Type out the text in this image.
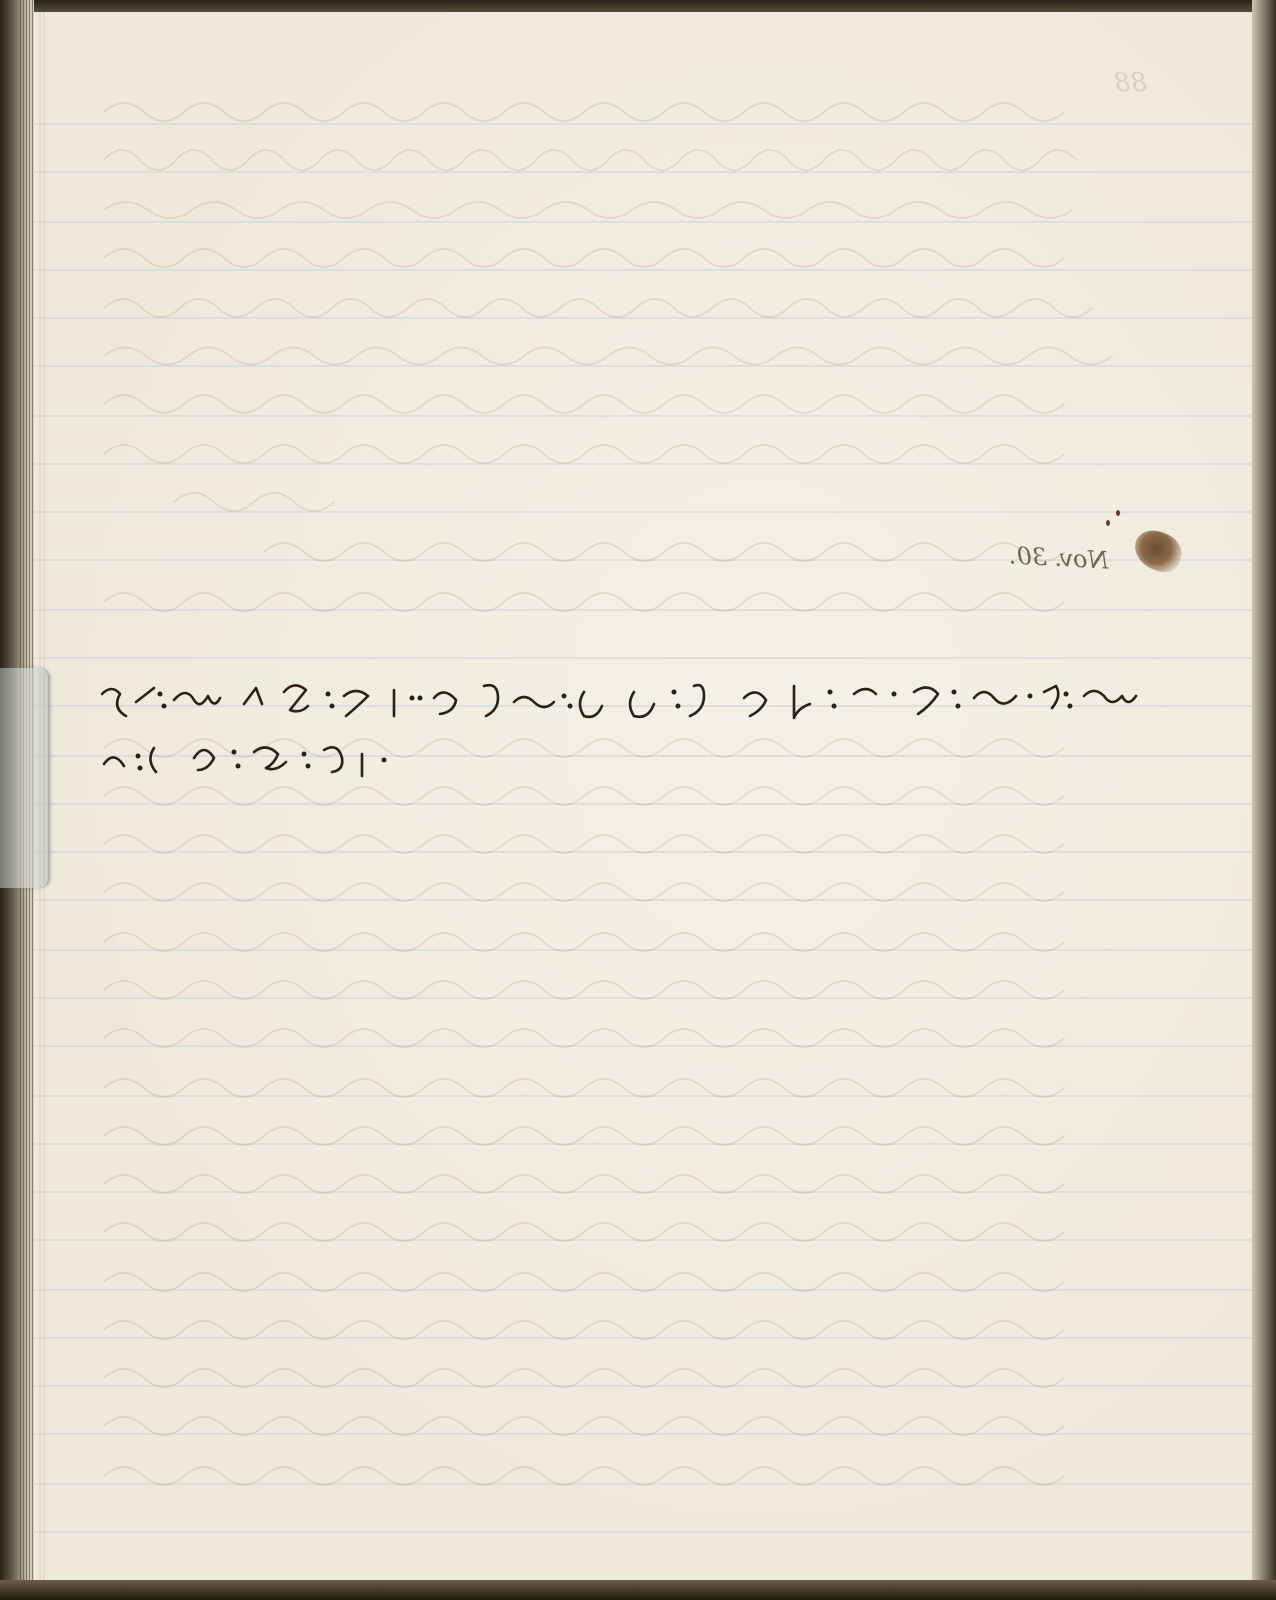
88
Nov. 30.
